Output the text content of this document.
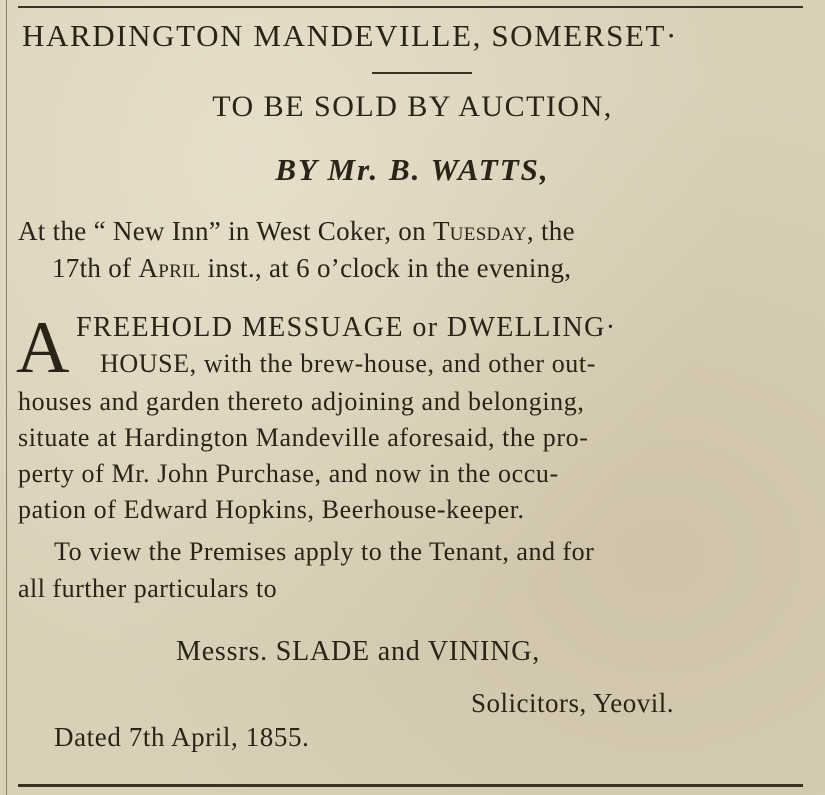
HARDINGTON MANDEVILLE, SOMERSET·
TO BE SOLD BY AUCTION,
BY Mr. B. WATTS,
At the “ New Inn” in West Coker, on Tuesday, the
17th of April inst., at 6 o’clock in the evening,
A FREEHOLD MESSUAGE or DWELLING·
HOUSE, with the brew-house, and other out-
houses and garden thereto adjoining and belonging,
situate at Hardington Mandeville aforesaid, the pro-
perty of Mr. John Purchase, and now in the occu-
pation of Edward Hopkins, Beerhouse-keeper.
To view the Premises apply to the Tenant, and for
all further particulars to
Messrs. SLADE and VINING,
Solicitors, Yeovil.
Dated 7th April, 1855.
